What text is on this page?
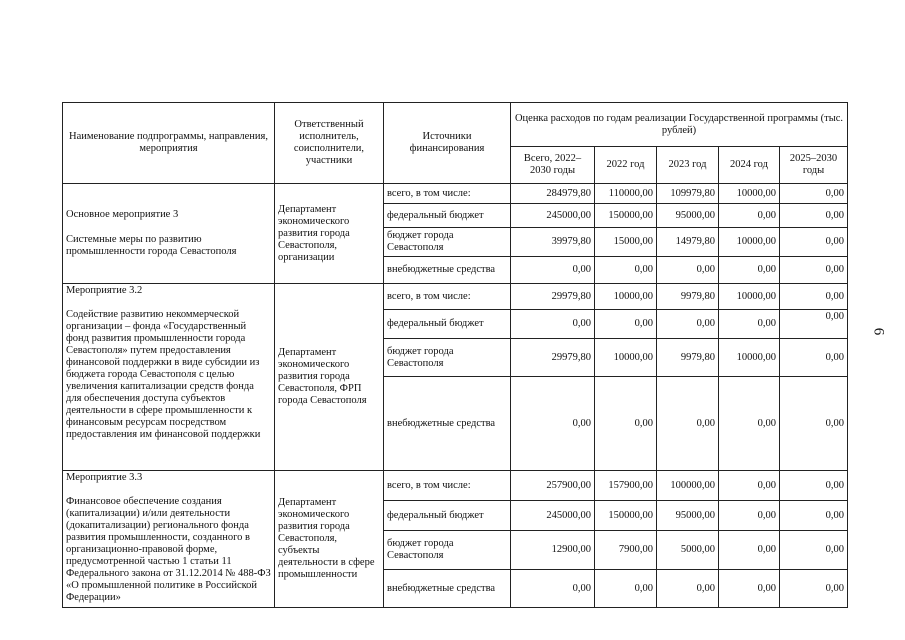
Наименование подпрограммы, направления, мероприятия	Ответственный исполнитель, соисполнители, участники	Источники финансирования	Оценка расходов по годам реализации Государственной программы (тыс. рублей)				
			Всего, 2022–2030 годы	2022 год	2023 год	2024 год	2025–2030 годы

Основное мероприятие 3
Системные меры по развитию промышленности города Севастополя	Департамент экономического развития города Севастополя, организации	всего, в том числе:	284979,80	110000,00	109979,80	10000,00	0,00
		федеральный бюджет	245000,00	150000,00	95000,00	0,00	0,00
		бюджет города Севастополя	39979,80	15000,00	14979,80	10000,00	0,00
		внебюджетные средства	0,00	0,00	0,00	0,00	0,00

Мероприятие 3.2
Содействие развитию некоммерческой организации – фонда «Государственный фонд развития промышленности города Севастополя» путем предоставления финансовой поддержки в виде субсидии из бюджета города Севастополя с целью увеличения капитализации средств фонда для обеспечения доступа субъектов деятельности в сфере промышленности к финансовым ресурсам посредством предоставления им финансовой поддержки	Департамент экономического развития города Севастополя, ФРП города Севастополя	всего, в том числе:	29979,80	10000,00	9979,80	10000,00	0,00
		федеральный бюджет	0,00	0,00	0,00	0,00	0,00
		бюджет города Севастополя	29979,80	10000,00	9979,80	10000,00	0,00
		внебюджетные средства	0,00	0,00	0,00	0,00	0,00

Мероприятие 3.3
Финансовое обеспечение создания (капитализации) и/или деятельности (докапитализации) регионального фонда развития промышленности, созданного в организационно-правовой форме, предусмотренной частью 1 статьи 11 Федерального закона от 31.12.2014 № 488-ФЗ «О промышленной политике в Российской Федерации»	Департамент экономического развития города Севастополя, субъекты деятельности в сфере промышленности	всего, в том числе:	257900,00	157900,00	100000,00	0,00	0,00
		федеральный бюджет	245000,00	150000,00	95000,00	0,00	0,00
		бюджет города Севастополя	12900,00	7900,00	5000,00	0,00	0,00
		внебюджетные средства	0,00	0,00	0,00	0,00	0,00
6
